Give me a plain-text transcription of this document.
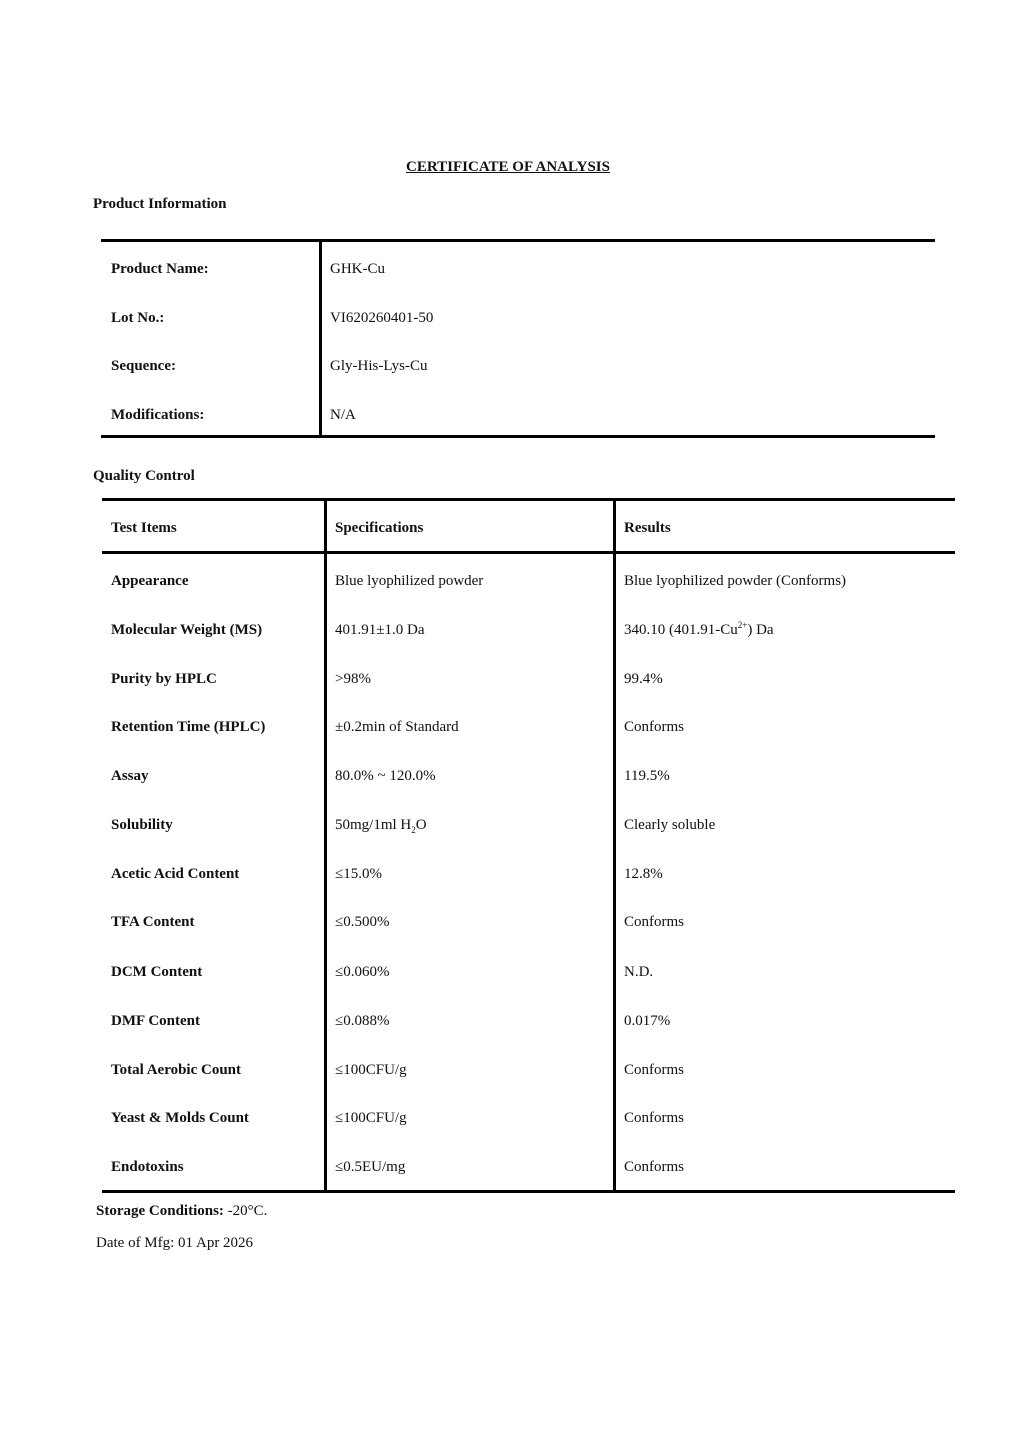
CERTIFICATE OF ANALYSIS
Product Information
Product Name:	GHK-Cu
Lot No.:	VI620260401-50
Sequence:	Gly-His-Lys-Cu
Modifications:	N/A
Quality Control
Test Items	Specifications	Results
Appearance	Blue lyophilized powder	Blue lyophilized powder (Conforms)
Molecular Weight (MS)	401.91±1.0 Da	340.10 $(401.91-Cu^{2+})$ Da
Purity by HPLC	>98%	99.4%
Retention Time (HPLC)	±0.2min of Standard	Conforms
Assay	80.0% ~ 120.0%	119.5%
Solubility	50mg/1ml $H_2O$	Clearly soluble
Acetic Acid Content	≤15.0%	12.8%
TFA Content	≤0.500%	Conforms
DCM Content	≤0.060%	N.D.
DMF Content	≤0.088%	0.017%
Total Aerobic Count	≤100CFU/g	Conforms
Yeast & Molds Count	≤100CFU/g	Conforms
Endotoxins	≤0.5EU/mg	Conforms
Storage Conditions: -20°C.
Date of Mfg: 01 Apr 2026
